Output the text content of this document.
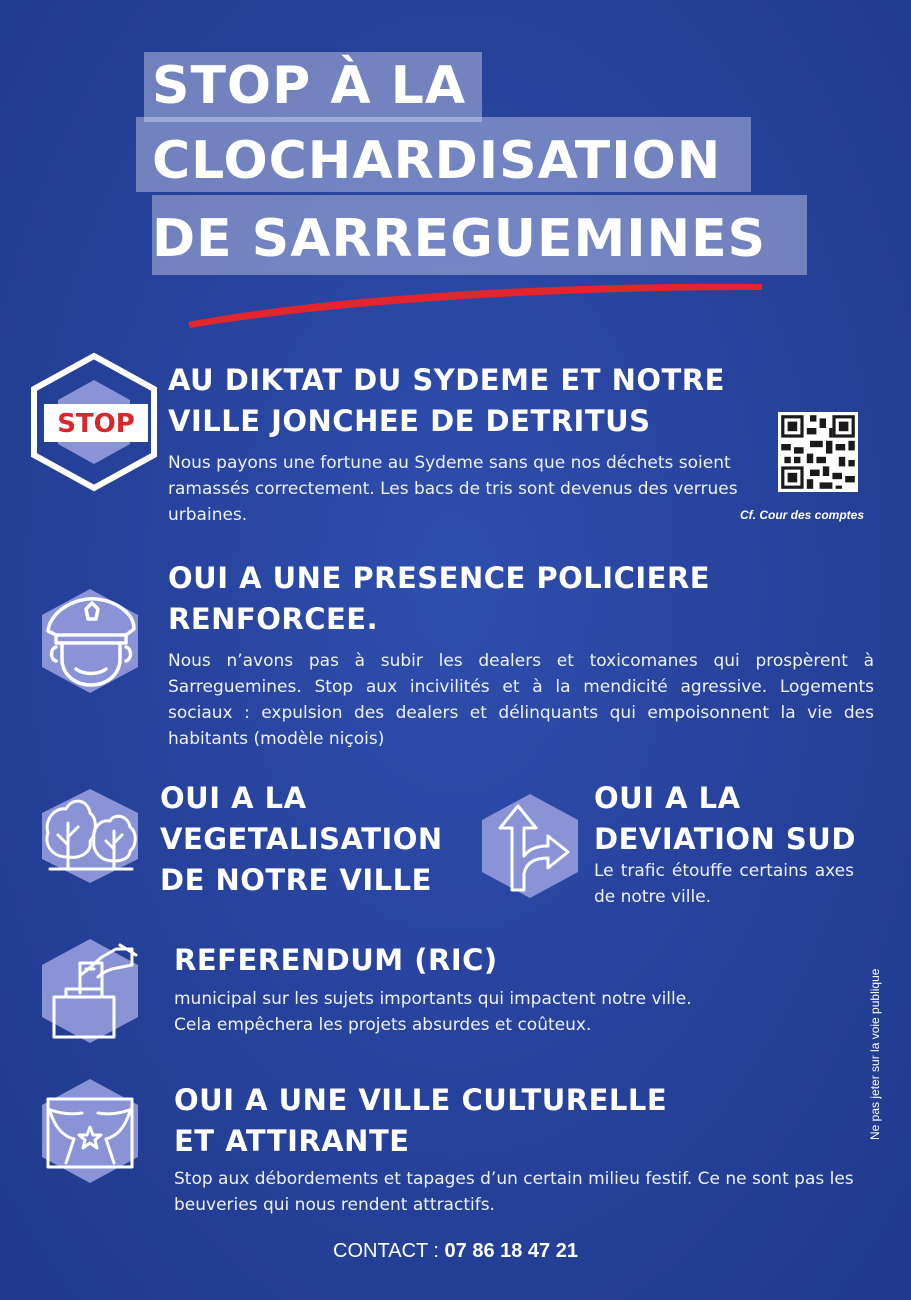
STOP À LA
CLOCHARDISATION
DE SARREGUEMINES
STOP
AU DIKTAT DU SYDEME ET NOTRE
VILLE JONCHEE DE DETRITUS
Nous payons une fortune au Sydeme sans que nos déchets soient ramassés correctement. Les bacs de tris sont devenus des verrues urbaines.	Cf. Cour des comptes
OUI A UNE PRESENCE POLICIERE
RENFORCEE.
Nous n’avons pas à subir les dealers et toxicomanes qui prospèrent à Sarreguemines. Stop aux incivilités et à la mendicité agressive. Logements sociaux : expulsion des dealers et délinquants qui empoisonnent la vie des habitants (modèle niçois)
OUI A LA
VEGETALISATION
DE NOTRE VILLE
OUI A LA
DEVIATION SUD
Le trafic étouffe certains axes de notre ville.
REFERENDUM (RIC)
municipal sur les sujets importants qui impactent notre ville. Cela empêchera les projets absurdes et coûteux.
OUI A UNE VILLE CULTURELLE
ET ATTIRANTE
Stop aux débordements et tapages d’un certain milieu festif. Ce ne sont pas les beuveries qui nous rendent attractifs.
Ne pas jeter sur la voie publique
CONTACT : 07 86 18 47 21
